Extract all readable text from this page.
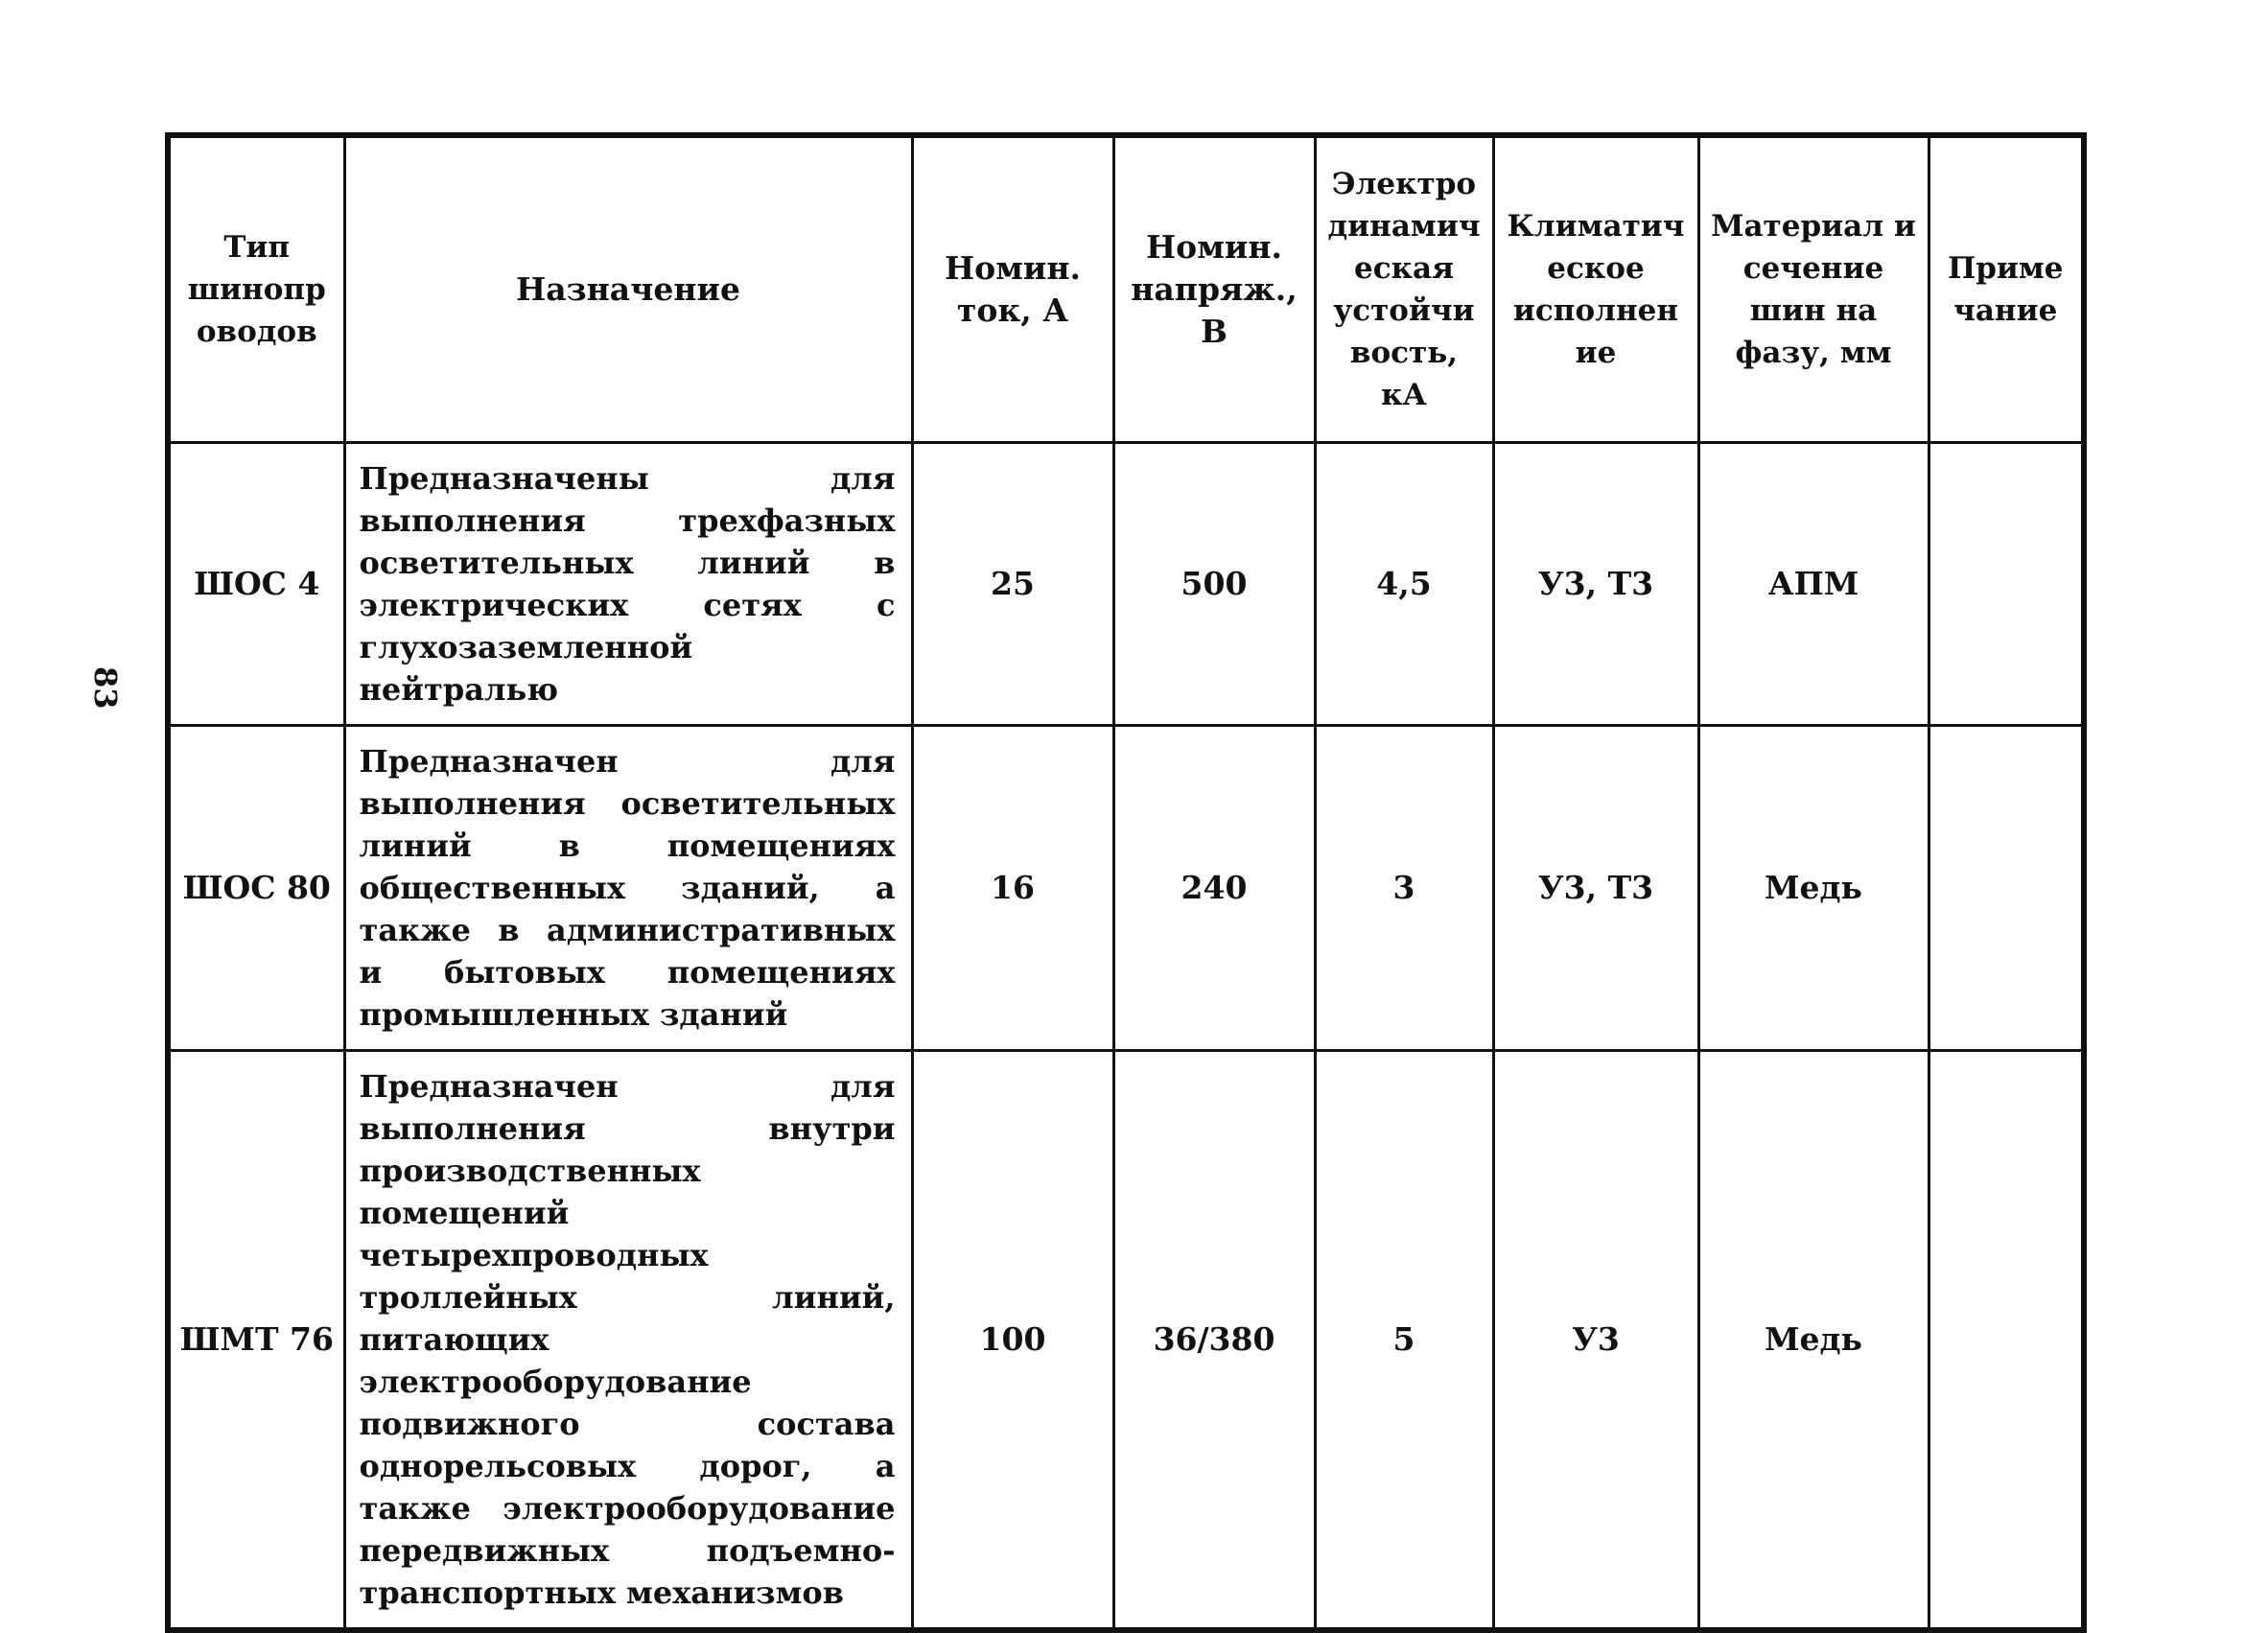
83
Тип шинопроводов	Назначение	Номин. ток, А	Номин. напряж., В	Электродинамическая устойчивость, кА	Климатическое исполнение	Материал и сечение шин на фазу, мм	Примечание
ШОС 4	Предназначены для выполнения трехфазных осветительных линий в электрических сетях с глухозаземленной нейтралью	25	500	4,5	У3, Т3	АПМ	
ШОС 80	Предназначен для выполнения осветительных линий в помещениях общественных зданий, а также в административных и бытовых помещениях промышленных зданий	16	240	3	У3, Т3	Медь	
ШМТ 76	Предназначен для выполнения внутри производственных помещений четырехпроводных троллейных линий, питающих электрооборудование подвижного состава однорельсовых дорог, а также электрооборудование передвижных подъемно-транспортных механизмов	100	36/380	5	У3	Медь	
